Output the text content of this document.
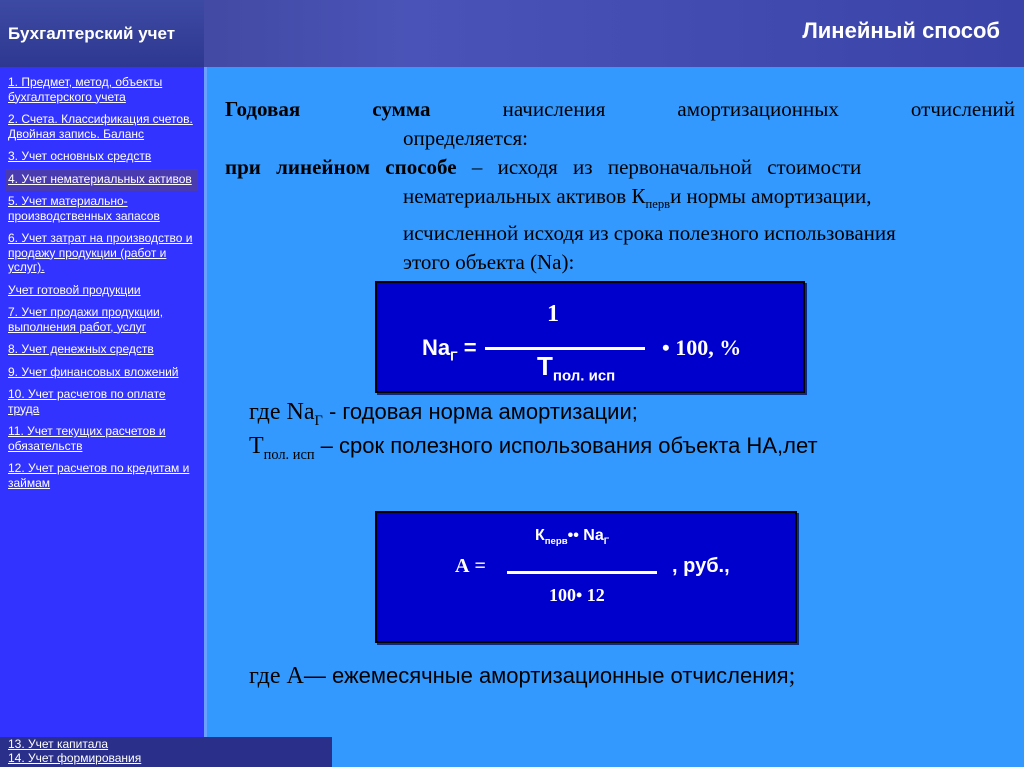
Бухгалтерский учет	Линейный способ
1. Предмет, метод, объекты бухгалтерского учета
2. Счета. Классификация счетов. Двойная запись. Баланс
3. Учет основных средств
4. Учет нематериальных активов
5. Учет материально-производственных запасов
6. Учет затрат на производство и продажу продукции (работ и услуг).
Учет готовой продукции
7. Учет продажи продукции, выполнения работ, услуг
8. Учет денежных средств
9. Учет финансовых вложений
10. Учет расчетов по оплате труда
11. Учет текущих расчетов и обязательств
12. Учет расчетов по кредитам и займам
13. Учет капитала
14. Учет формирования
Годовая	сумма	начисления	амортизационных	отчислений
определяется:
при линейном способе – исходя из первоначальной стоимости
нематериальных активов $К_{перв}и$ нормы амортизации,
исчисленной исходя из срока полезного использования
этого объекта (Na):
$Na_Г$ =
1
$Т_{пол. исп}$
• 100, %
где $Na_Г$ - годовая норма амортизации;
$Т_{пол. исп}$ – срок полезного использования объекта НА,лет
А =
$К_{перв}••$ $Na_Г$
100• 12
, руб.,
где А— ежемесячные амортизационные отчисления;
